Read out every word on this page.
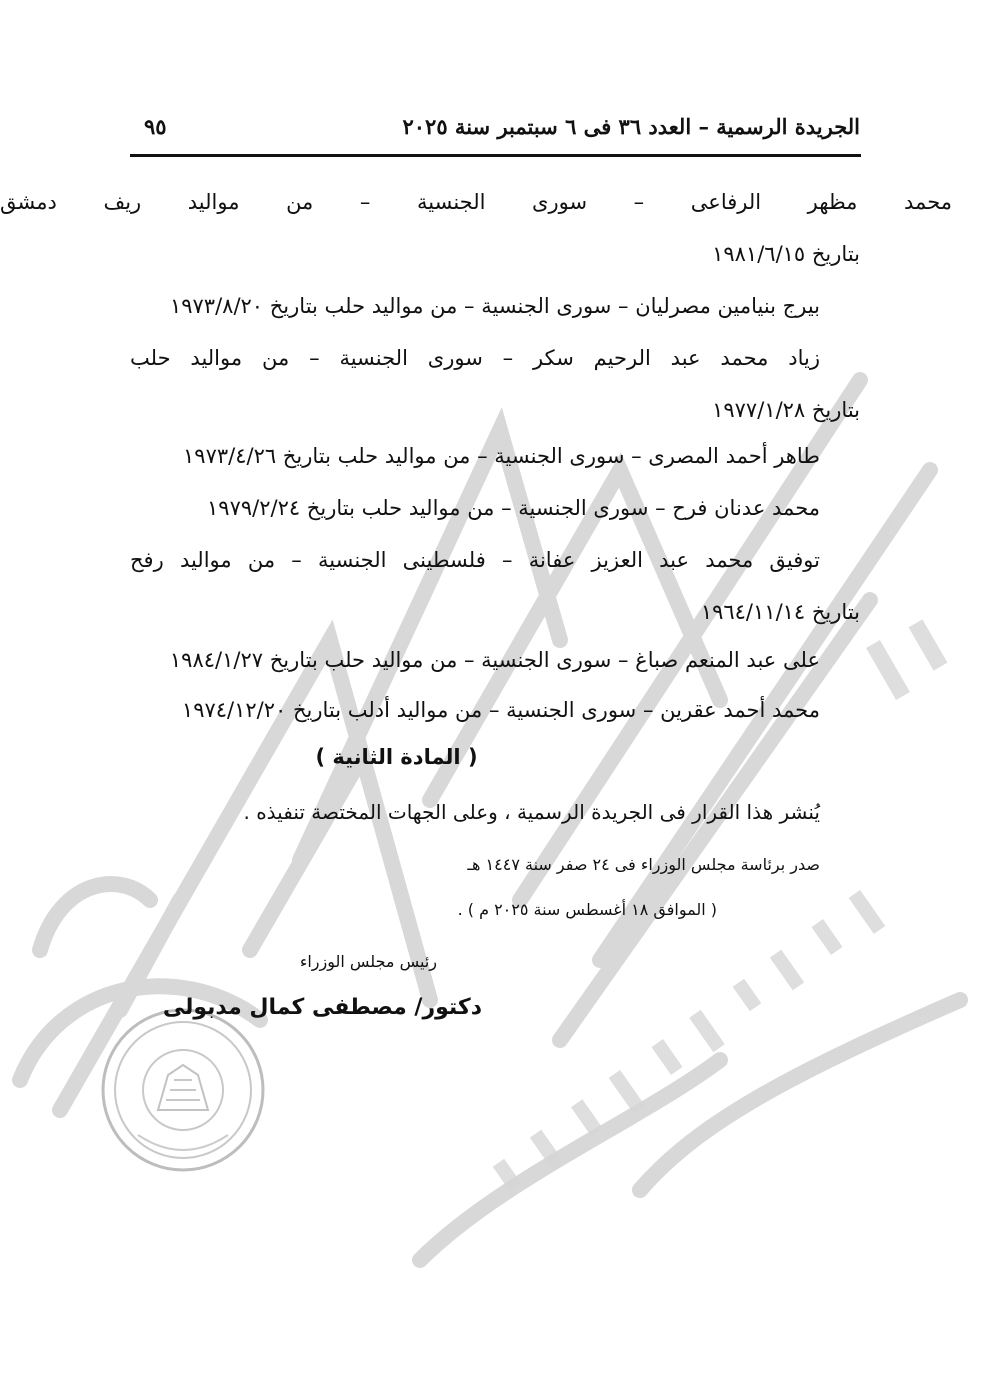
الجريدة الرسمية – العدد ٣٦ فى ٦ سبتمبر سنة ٢٠٢٥
٩٥
محمد مظهر الرفاعى – سورى الجنسية – من مواليد ريف دمشق
بتاريخ ١٩٨١/٦/١٥
بيرج بنيامين مصرليان – سورى الجنسية – من مواليد حلب بتاريخ ١٩٧٣/٨/٢٠
زياد محمد عبد الرحيم سكر – سورى الجنسية – من مواليد حلب
بتاريخ ١٩٧٧/١/٢٨
طاهر أحمد المصرى – سورى الجنسية – من مواليد حلب بتاريخ ١٩٧٣/٤/٢٦
محمد عدنان فرح – سورى الجنسية – من مواليد حلب بتاريخ ١٩٧٩/٢/٢٤
توفيق محمد عبد العزيز عفانة – فلسطينى الجنسية – من مواليد رفح
بتاريخ ١٩٦٤/١١/١٤
على عبد المنعم صباغ – سورى الجنسية – من مواليد حلب بتاريخ ١٩٨٤/١/٢٧
محمد أحمد عقرين – سورى الجنسية – من مواليد أدلب بتاريخ ١٩٧٤/١٢/٢٠
( المادة الثانية )
يُنشر هذا القرار فى الجريدة الرسمية ، وعلى الجهات المختصة تنفيذه .
صدر برئاسة مجلس الوزراء فى ٢٤ صفر سنة ١٤٤٧ هـ
( الموافق ١٨ أغسطس سنة ٢٠٢٥ م ) .
رئيس مجلس الوزراء
دكتور/ مصطفى كمال مدبولى
